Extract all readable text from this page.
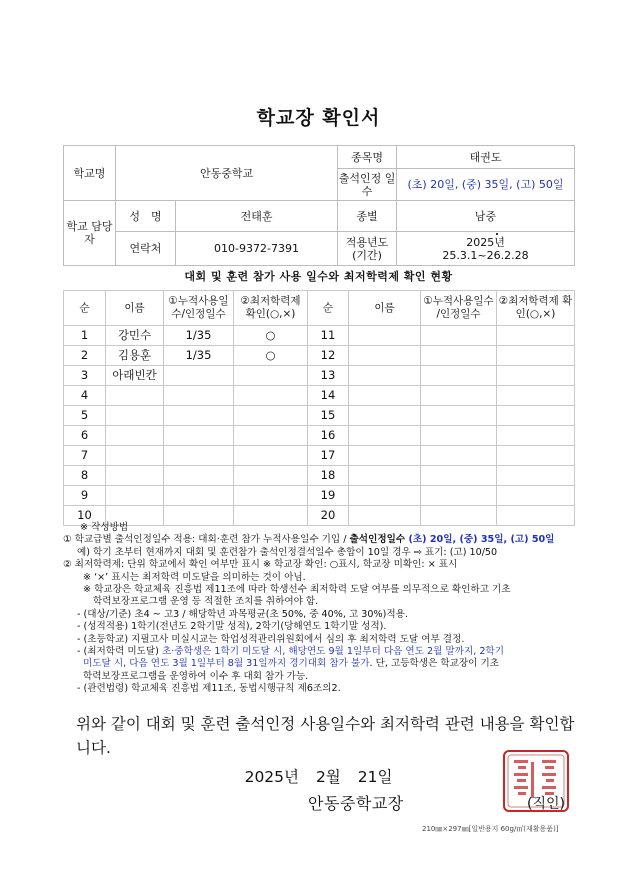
학교장 확인서
학교명	안동중학교		종목명	태권도
			출석인정 일수	(초) 20일, (중) 35일, (고) 50일
학교 담당자	성　명	전태훈	종별	남중
	연락처	010-9372-7391	적용년도 (기간)	2025년
25.3.1~26.2.28
대회 및 훈련 참가 사용 일수와 최저학력제 확인 현황
순	이름	①누적사용일 수/인정일수	②최저학력제 확인(○,×)	순	이름	①누적사용일수 /인정일수	②최저학력제 확인(○,×)
1	강민수	1/35	○	11			
2	김용훈	1/35	○	12			
3	아래빈칸			13			
4				14			
5				15			
6				16			
7				17			
8				18			
9				19			
10				20			
※ 작성방법
① 학교급별 출석인정일수 적용: 대회·훈련 참가 누적사용일수 기입 / 출석인정일수 (초) 20일, (중) 35일, (고) 50일
예) 학기 초부터 현재까지 대회 및 훈련참가 출석인정결석일수 총합이 10일 경우 ⇨ 표기: (고) 10/50
② 최저학력제: 단위 학교에서 확인 여부만 표시 ※ 학교장 확인: ○표시, 학교장 미확인: × 표시
※ ‘×’ 표시는 최저학력 미도달을 의미하는 것이 아님.
※ 학교장은 학교체육 진흥법 제11조에 따라 학생선수 최저학력 도달 여부를 의무적으로 확인하고 기초
학력보장프로그램 운영 등 적절한 조치를 취하여야 함.
- (대상/기준) 초4 ~ 고3 / 해당학년 과목평균(초 50%, 중 40%, 고 30%)적용.
- (성적적용) 1학기(전년도 2학기말 성적), 2학기(당해연도 1학기말 성적).
- (초등학교) 지필고사 미실시교는 학업성적관리위원회에서 심의 후 최저학력 도달 여부 결정.
- (최저학력 미도달) 초·중학생은 1학기 미도달 시, 해당연도 9월 1일부터 다음 연도 2월 말까지, 2학기
미도달 시, 다음 연도 3월 1일부터 8월 31일까지 경기대회 참가 불가. 단, 고등학생은 학교장이 기초
학력보장프로그램을 운영하여 이수 후 대회 참가 가능.
- (관련법령) 학교체육 진흥법 제11조, 동법시행규칙 제6조의2.
위와 같이 대회 및 훈련 출석인정 사용일수와 최저학력 관련 내용을 확인합니다.
2025년 2월 21일
안동중학교장	(직인)
210㎜×297㎜[일반용지 60g/㎡(재활용품)]
